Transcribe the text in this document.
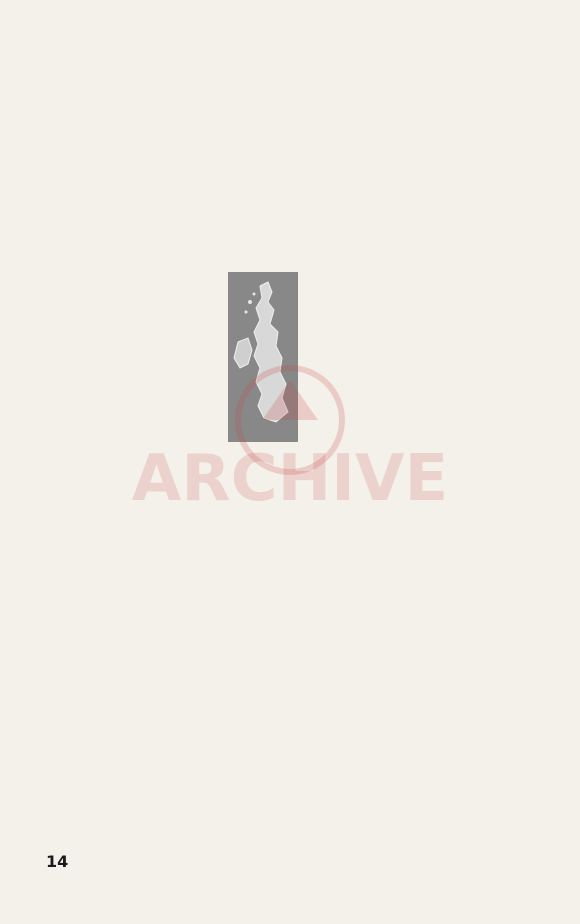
ARCHIVE
14
